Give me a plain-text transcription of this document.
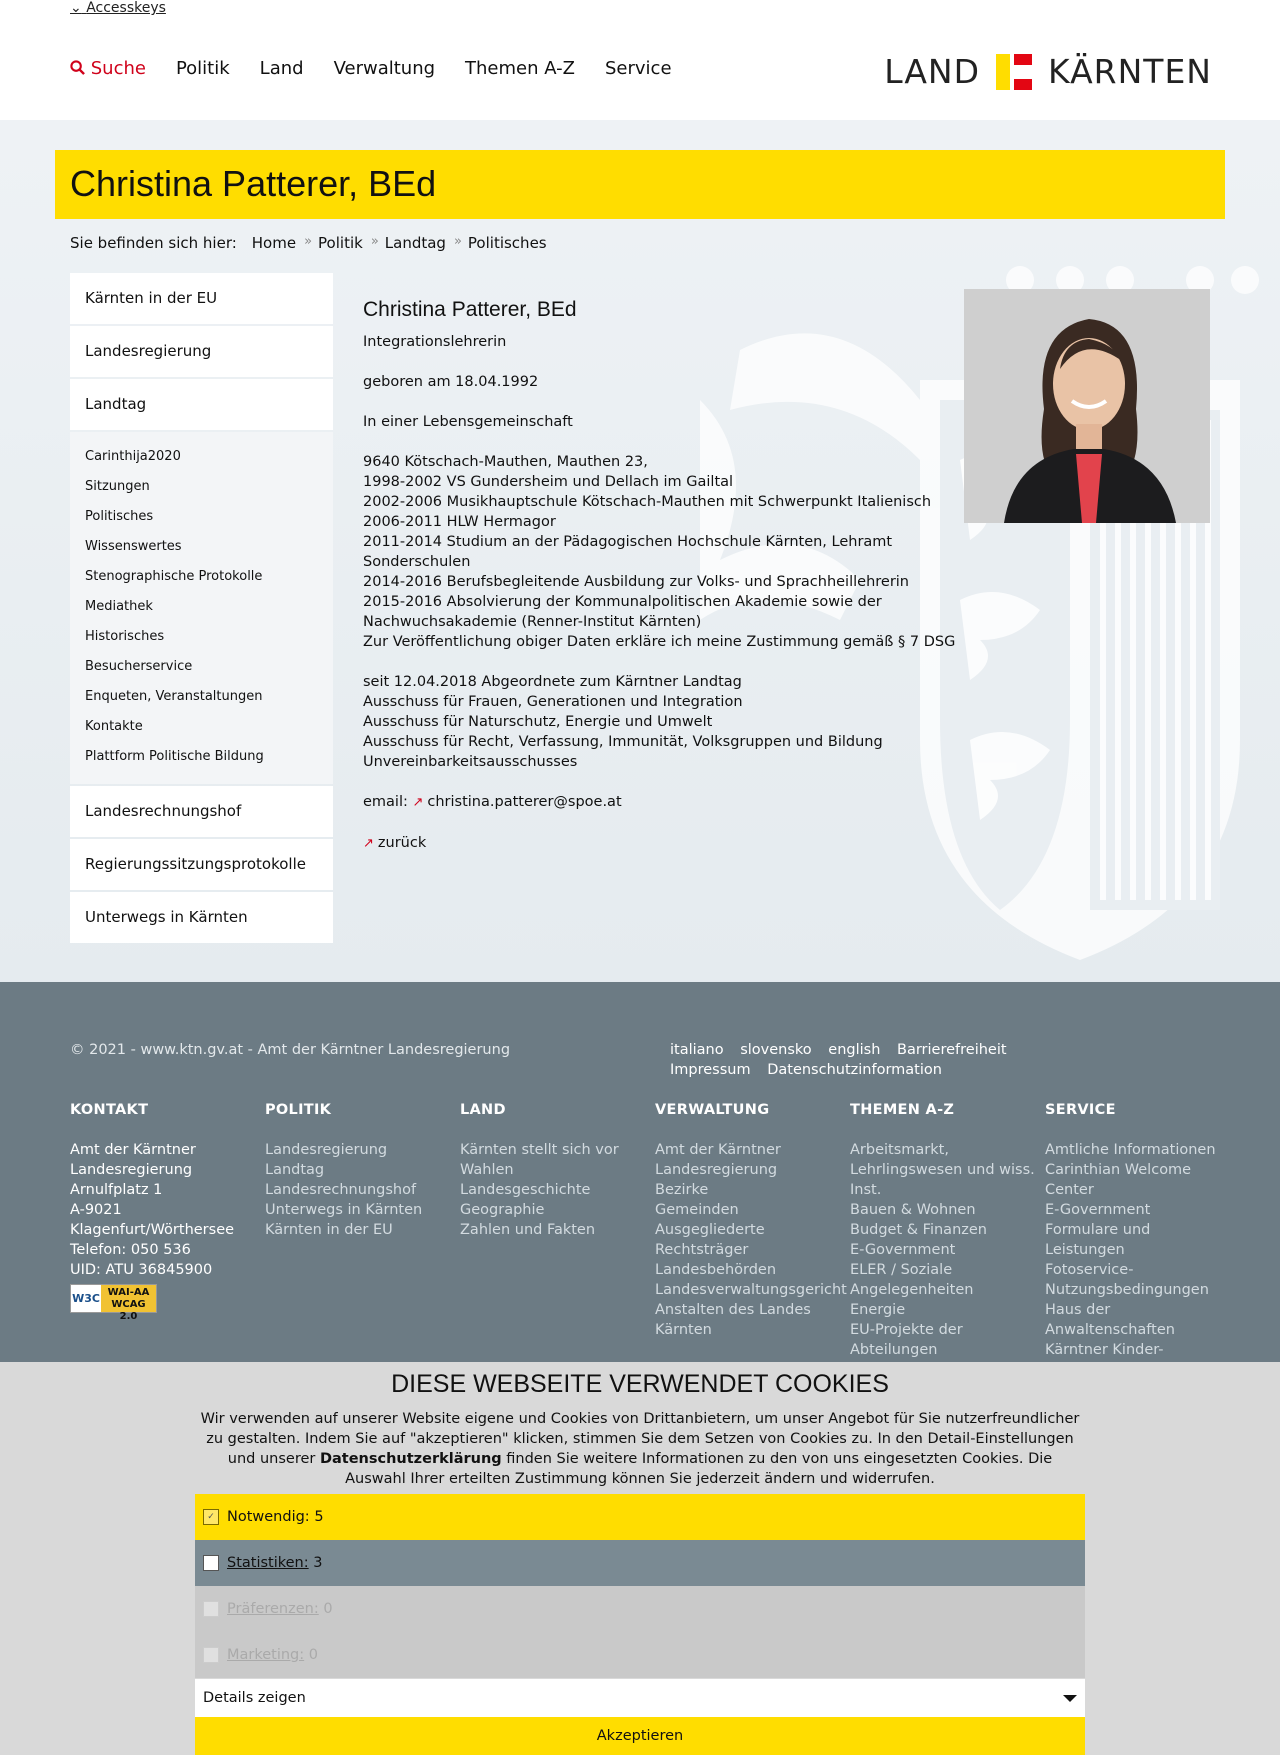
⌄ Accesskeys
Suche Politik Land Verwaltung Themen A-Z Service	LAND KÄRNTEN
Christina Patterer, BEd
Sie befinden sich hier: Home » Politik » Landtag » Politisches
Kärnten in der EU
Landesregierung
Landtag
Carinthija2020
Sitzungen
Politisches
Wissenswertes
Stenographische Protokolle
Mediathek
Historisches
Besucherservice
Enqueten, Veranstaltungen
Kontakte
Plattform Politische Bildung
Landesrechnungshof
Regierungssitzungsprotokolle
Unterwegs in Kärnten
Christina Patterer, BEd

Integrationslehrerin

geboren am 18.04.1992

In einer Lebensgemeinschaft

9640 Kötschach-Mauthen, Mauthen 23,
1998-2002 VS Gundersheim und Dellach im Gailtal
2002-2006 Musikhauptschule Kötschach-Mauthen mit Schwerpunkt Italienisch
2006-2011 HLW Hermagor
2011-2014 Studium an der Pädagogischen Hochschule Kärnten, Lehramt Sonderschulen
2014-2016 Berufsbegleitende Ausbildung zur Volks- und Sprachheillehrerin
2015-2016 Absolvierung der Kommunalpolitischen Akademie sowie der Nachwuchsakademie (Renner-Institut Kärnten)
Zur Veröffentlichung obiger Daten erkläre ich meine Zustimmung gemäß § 7 DSG

seit 12.04.2018 Abgeordnete zum Kärntner Landtag
Ausschuss für Frauen, Generationen und Integration
Ausschuss für Naturschutz, Energie und Umwelt
Ausschuss für Recht, Verfassung, Immunität, Volksgruppen und Bildung
Unvereinbarkeitsausschusses

email: ↗ christina.patterer@spoe.at

↗ zurück

© 2021 - www.ktn.gv.at - Amt der Kärntner Landesregierung	italiano slovensko english Barrierefreiheit Impressum Datenschutzinformation
KONTAKT
Amt der Kärntner Landesregierung
Arnulfplatz 1
A-9021 Klagenfurt/Wörthersee
Telefon: 050 536
UID: ATU 36845900
W3C WAI-AA WCAG 2.0
POLITIK
Landesregierung
Landtag
Landesrechnungshof
Unterwegs in Kärnten
Kärnten in der EU
LAND
Kärnten stellt sich vor
Wahlen
Landesgeschichte
Geographie
Zahlen und Fakten
VERWALTUNG
Amt der Kärntner Landesregierung
Bezirke
Gemeinden
Ausgegliederte Rechtsträger
Landesbehörden
Landesverwaltungsgericht
Anstalten des Landes Kärnten
THEMEN A-Z
Arbeitsmarkt, Lehrlingswesen und wiss. Inst.
Bauen & Wohnen
Budget & Finanzen
E-Government
ELER / Soziale Angelegenheiten
Energie
EU-Projekte der Abteilungen
SERVICE
Amtliche Informationen
Carinthian Welcome Center
E-Government
Formulare und Leistungen
Fotoservice-Nutzungsbedingungen
Haus der Anwaltenschaften
Kärntner Kinder-
DIESE WEBSEITE VERWENDET COOKIES
Wir verwenden auf unserer Website eigene und Cookies von Drittanbietern, um unser Angebot für Sie nutzerfreundlicher zu gestalten. Indem Sie auf "akzeptieren" klicken, stimmen Sie dem Setzen von Cookies zu. In den Detail-Einstellungen und unserer Datenschutzerklärung finden Sie weitere Informationen zu den von uns eingesetzten Cookies. Die Auswahl Ihrer erteilten Zustimmung können Sie jederzeit ändern und widerrufen.
✓ Notwendig:
5
Statistiken:
3
Präferenzen:
0
Marketing:
0
Details zeigen
Akzeptieren
